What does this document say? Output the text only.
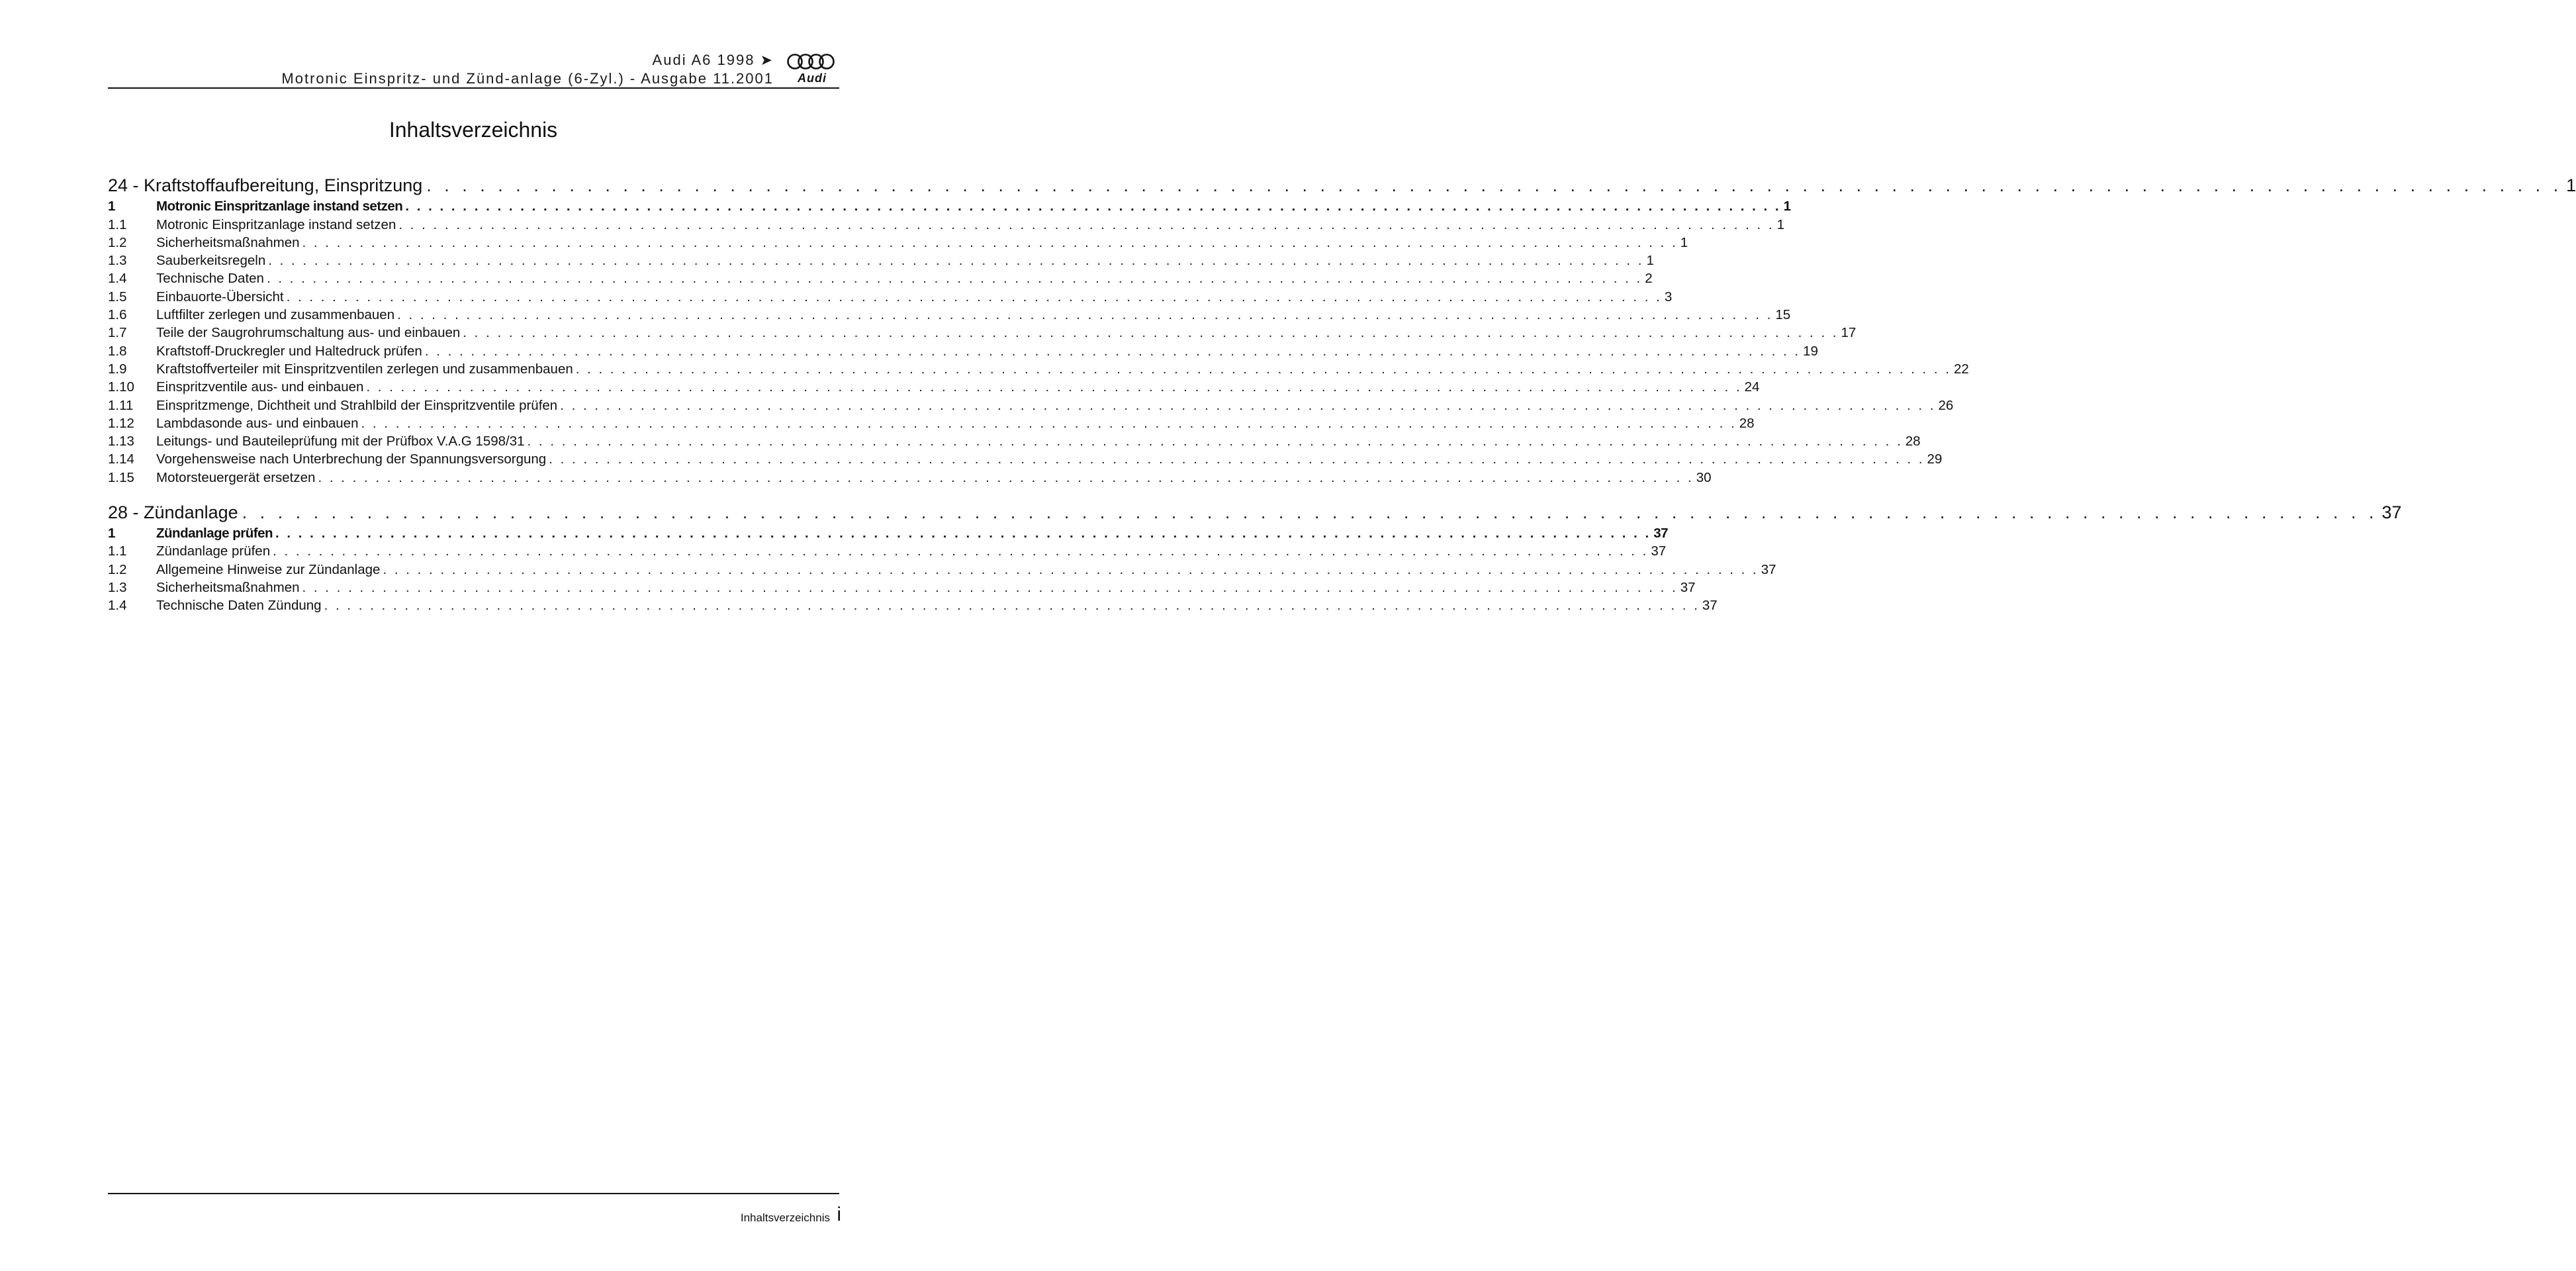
Audi A6 1998 ➤
Motronic Einspritz- und Zünd-anlage (6-Zyl.) - Ausgabe 11.2001	Audi
Inhaltsverzeichnis
24 - Kraftstoffaufbereitung, Einspritzung . . . . . . . . . . . . . . . . . . . . . . . . . . . . . . . . . . . . . . . . . . . . . . . . . . . . . . . . . . . . . . . . . . . . . . . . . . . . . . . . . . . . . . . . . . . . . . . . . . . . . . . . . . . . . . . . . . . . . . . . 1
1	Motronic Einspritzanlage instand setzen . . . . . . . . . . . . . . . . . . . . . . . . . . . . . . . . . . . . . . . . . . . . . . . . . . . . . . . . . . . . . . . . . . . . . . . . . . . . . . . . . . . . . . . . . . . . . . . . . . . . . . . . . . . . . . . . . . . . . . . . 1
1.1	Motronic Einspritzanlage instand setzen . . . . . . . . . . . . . . . . . . . . . . . . . . . . . . . . . . . . . . . . . . . . . . . . . . . . . . . . . . . . . . . . . . . . . . . . . . . . . . . . . . . . . . . . . . . . . . . . . . . . . . . . . . . . . . . . . . . . . . . . 1
1.2	Sicherheitsmaßnahmen . . . . . . . . . . . . . . . . . . . . . . . . . . . . . . . . . . . . . . . . . . . . . . . . . . . . . . . . . . . . . . . . . . . . . . . . . . . . . . . . . . . . . . . . . . . . . . . . . . . . . . . . . . . . . . . . . . . . . . . . 1
1.3	Sauberkeitsregeln . . . . . . . . . . . . . . . . . . . . . . . . . . . . . . . . . . . . . . . . . . . . . . . . . . . . . . . . . . . . . . . . . . . . . . . . . . . . . . . . . . . . . . . . . . . . . . . . . . . . . . . . . . . . . . . . . . . . . . . . 1
1.4	Technische Daten . . . . . . . . . . . . . . . . . . . . . . . . . . . . . . . . . . . . . . . . . . . . . . . . . . . . . . . . . . . . . . . . . . . . . . . . . . . . . . . . . . . . . . . . . . . . . . . . . . . . . . . . . . . . . . . . . . . . . . . . 2
1.5	Einbauorte-Übersicht . . . . . . . . . . . . . . . . . . . . . . . . . . . . . . . . . . . . . . . . . . . . . . . . . . . . . . . . . . . . . . . . . . . . . . . . . . . . . . . . . . . . . . . . . . . . . . . . . . . . . . . . . . . . . . . . . . . . . . . . 3
1.6	Luftfilter zerlegen und zusammenbauen . . . . . . . . . . . . . . . . . . . . . . . . . . . . . . . . . . . . . . . . . . . . . . . . . . . . . . . . . . . . . . . . . . . . . . . . . . . . . . . . . . . . . . . . . . . . . . . . . . . . . . . . . . . . . . . . . . . . . . . . 15
1.7	Teile der Saugrohrumschaltung aus- und einbauen . . . . . . . . . . . . . . . . . . . . . . . . . . . . . . . . . . . . . . . . . . . . . . . . . . . . . . . . . . . . . . . . . . . . . . . . . . . . . . . . . . . . . . . . . . . . . . . . . . . . . . . . . . . . . . . . . . . . . . . . 17
1.8	Kraftstoff-Druckregler und Haltedruck prüfen . . . . . . . . . . . . . . . . . . . . . . . . . . . . . . . . . . . . . . . . . . . . . . . . . . . . . . . . . . . . . . . . . . . . . . . . . . . . . . . . . . . . . . . . . . . . . . . . . . . . . . . . . . . . . . . . . . . . . . . . 19
1.9	Kraftstoffverteiler mit Einspritzventilen zerlegen und zusammenbauen . . . . . . . . . . . . . . . . . . . . . . . . . . . . . . . . . . . . . . . . . . . . . . . . . . . . . . . . . . . . . . . . . . . . . . . . . . . . . . . . . . . . . . . . . . . . . . . . . . . . . . . . . . . . . . . . . . . . . . . . 22
1.10	Einspritzventile aus- und einbauen . . . . . . . . . . . . . . . . . . . . . . . . . . . . . . . . . . . . . . . . . . . . . . . . . . . . . . . . . . . . . . . . . . . . . . . . . . . . . . . . . . . . . . . . . . . . . . . . . . . . . . . . . . . . . . . . . . . . . . . . 24
1.11	Einspritzmenge, Dichtheit und Strahlbild der Einspritzventile prüfen . . . . . . . . . . . . . . . . . . . . . . . . . . . . . . . . . . . . . . . . . . . . . . . . . . . . . . . . . . . . . . . . . . . . . . . . . . . . . . . . . . . . . . . . . . . . . . . . . . . . . . . . . . . . . . . . . . . . . . . . 26
1.12	Lambdasonde aus- und einbauen . . . . . . . . . . . . . . . . . . . . . . . . . . . . . . . . . . . . . . . . . . . . . . . . . . . . . . . . . . . . . . . . . . . . . . . . . . . . . . . . . . . . . . . . . . . . . . . . . . . . . . . . . . . . . . . . . . . . . . . . 28
1.13	Leitungs- und Bauteileprüfung mit der Prüfbox V.A.G 1598/31 . . . . . . . . . . . . . . . . . . . . . . . . . . . . . . . . . . . . . . . . . . . . . . . . . . . . . . . . . . . . . . . . . . . . . . . . . . . . . . . . . . . . . . . . . . . . . . . . . . . . . . . . . . . . . . . . . . . . . . . . 28
1.14	Vorgehensweise nach Unterbrechung der Spannungsversorgung . . . . . . . . . . . . . . . . . . . . . . . . . . . . . . . . . . . . . . . . . . . . . . . . . . . . . . . . . . . . . . . . . . . . . . . . . . . . . . . . . . . . . . . . . . . . . . . . . . . . . . . . . . . . . . . . . . . . . . . . 29
1.15	Motorsteuergerät ersetzen . . . . . . . . . . . . . . . . . . . . . . . . . . . . . . . . . . . . . . . . . . . . . . . . . . . . . . . . . . . . . . . . . . . . . . . . . . . . . . . . . . . . . . . . . . . . . . . . . . . . . . . . . . . . . . . . . . . . . . . . 30
28 - Zündanlage . . . . . . . . . . . . . . . . . . . . . . . . . . . . . . . . . . . . . . . . . . . . . . . . . . . . . . . . . . . . . . . . . . . . . . . . . . . . . . . . . . . . . . . . . . . . . . . . . . . . . . . . . . . . . . . . . . . . . . . . 37
1	Zündanlage prüfen . . . . . . . . . . . . . . . . . . . . . . . . . . . . . . . . . . . . . . . . . . . . . . . . . . . . . . . . . . . . . . . . . . . . . . . . . . . . . . . . . . . . . . . . . . . . . . . . . . . . . . . . . . . . . . . . . . . . . . . . 37
1.1	Zündanlage prüfen . . . . . . . . . . . . . . . . . . . . . . . . . . . . . . . . . . . . . . . . . . . . . . . . . . . . . . . . . . . . . . . . . . . . . . . . . . . . . . . . . . . . . . . . . . . . . . . . . . . . . . . . . . . . . . . . . . . . . . . . 37
1.2	Allgemeine Hinweise zur Zündanlage . . . . . . . . . . . . . . . . . . . . . . . . . . . . . . . . . . . . . . . . . . . . . . . . . . . . . . . . . . . . . . . . . . . . . . . . . . . . . . . . . . . . . . . . . . . . . . . . . . . . . . . . . . . . . . . . . . . . . . . . 37
1.3	Sicherheitsmaßnahmen . . . . . . . . . . . . . . . . . . . . . . . . . . . . . . . . . . . . . . . . . . . . . . . . . . . . . . . . . . . . . . . . . . . . . . . . . . . . . . . . . . . . . . . . . . . . . . . . . . . . . . . . . . . . . . . . . . . . . . . . 37
1.4	Technische Daten Zündung . . . . . . . . . . . . . . . . . . . . . . . . . . . . . . . . . . . . . . . . . . . . . . . . . . . . . . . . . . . . . . . . . . . . . . . . . . . . . . . . . . . . . . . . . . . . . . . . . . . . . . . . . . . . . . . . . . . . . . . . 37
Inhaltsverzeichnis i
